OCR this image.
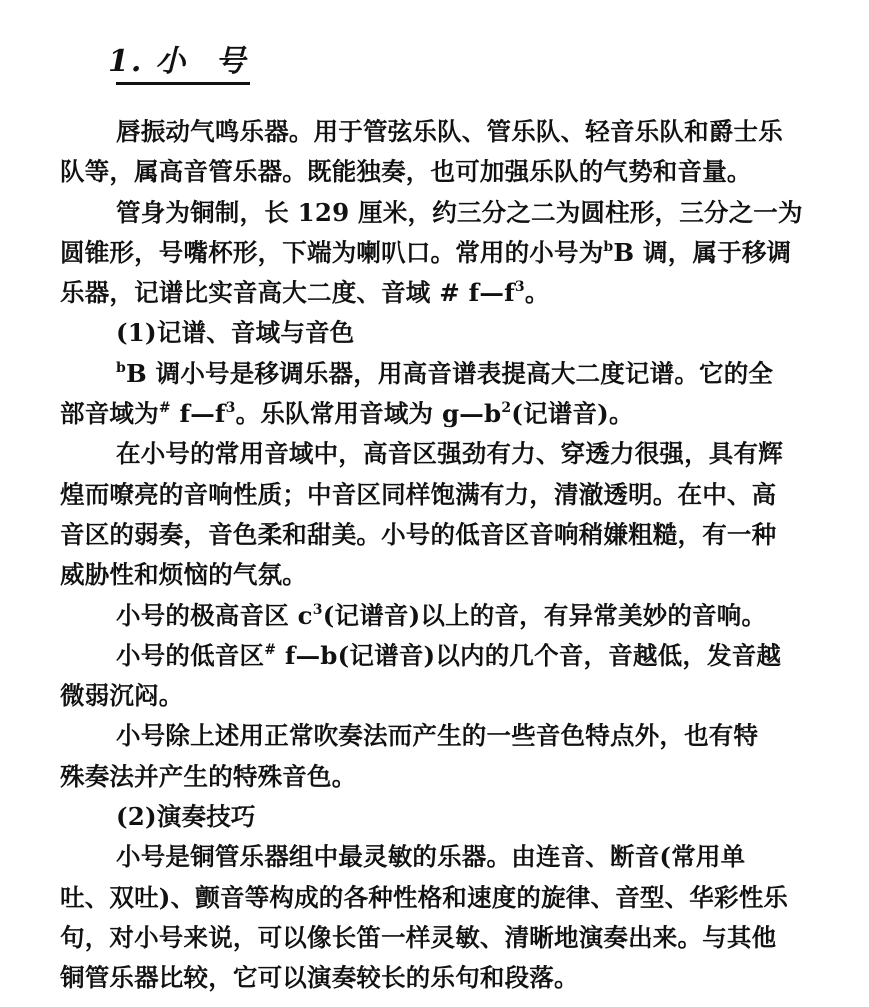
1. 小 号
唇振动气鸣乐器。用于管弦乐队、管乐队、轻音乐队和爵士乐
队等，属高音管乐器。既能独奏，也可加强乐队的气势和音量。
管身为铜制，长 129 厘米，约三分之二为圆柱形，三分之一为
圆锥形，号嘴杯形，下端为喇叭口。常用的小号为$^b$B 调，属于移调
乐器，记谱比实音高大二度、音域 # $f—f^3$。
(1)记谱、音域与音色
$^b$B 调小号是移调乐器，用高音谱表提高大二度记谱。它的全
部音域为# $f—f^3$。乐队常用音域为 $g—b^2$(记谱音)。
在小号的常用音域中，高音区强劲有力、穿透力很强，具有辉
煌而嘹亮的音响性质；中音区同样饱满有力，清澈透明。在中、高
音区的弱奏，音色柔和甜美。小号的低音区音响稍嫌粗糙，有一种
威胁性和烦恼的气氛。
小号的极高音区 $c^3$(记谱音)以上的音，有异常美妙的音响。
小号的低音区# f—b(记谱音)以内的几个音，音越低，发音越
微弱沉闷。
小号除上述用正常吹奏法而产生的一些音色特点外，也有特
殊奏法并产生的特殊音色。
(2)演奏技巧
小号是铜管乐器组中最灵敏的乐器。由连音、断音(常用单
吐、双吐)、颤音等构成的各种性格和速度的旋律、音型、华彩性乐
句，对小号来说，可以像长笛一样灵敏、清晰地演奏出来。与其他
铜管乐器比较，它可以演奏较长的乐句和段落。
